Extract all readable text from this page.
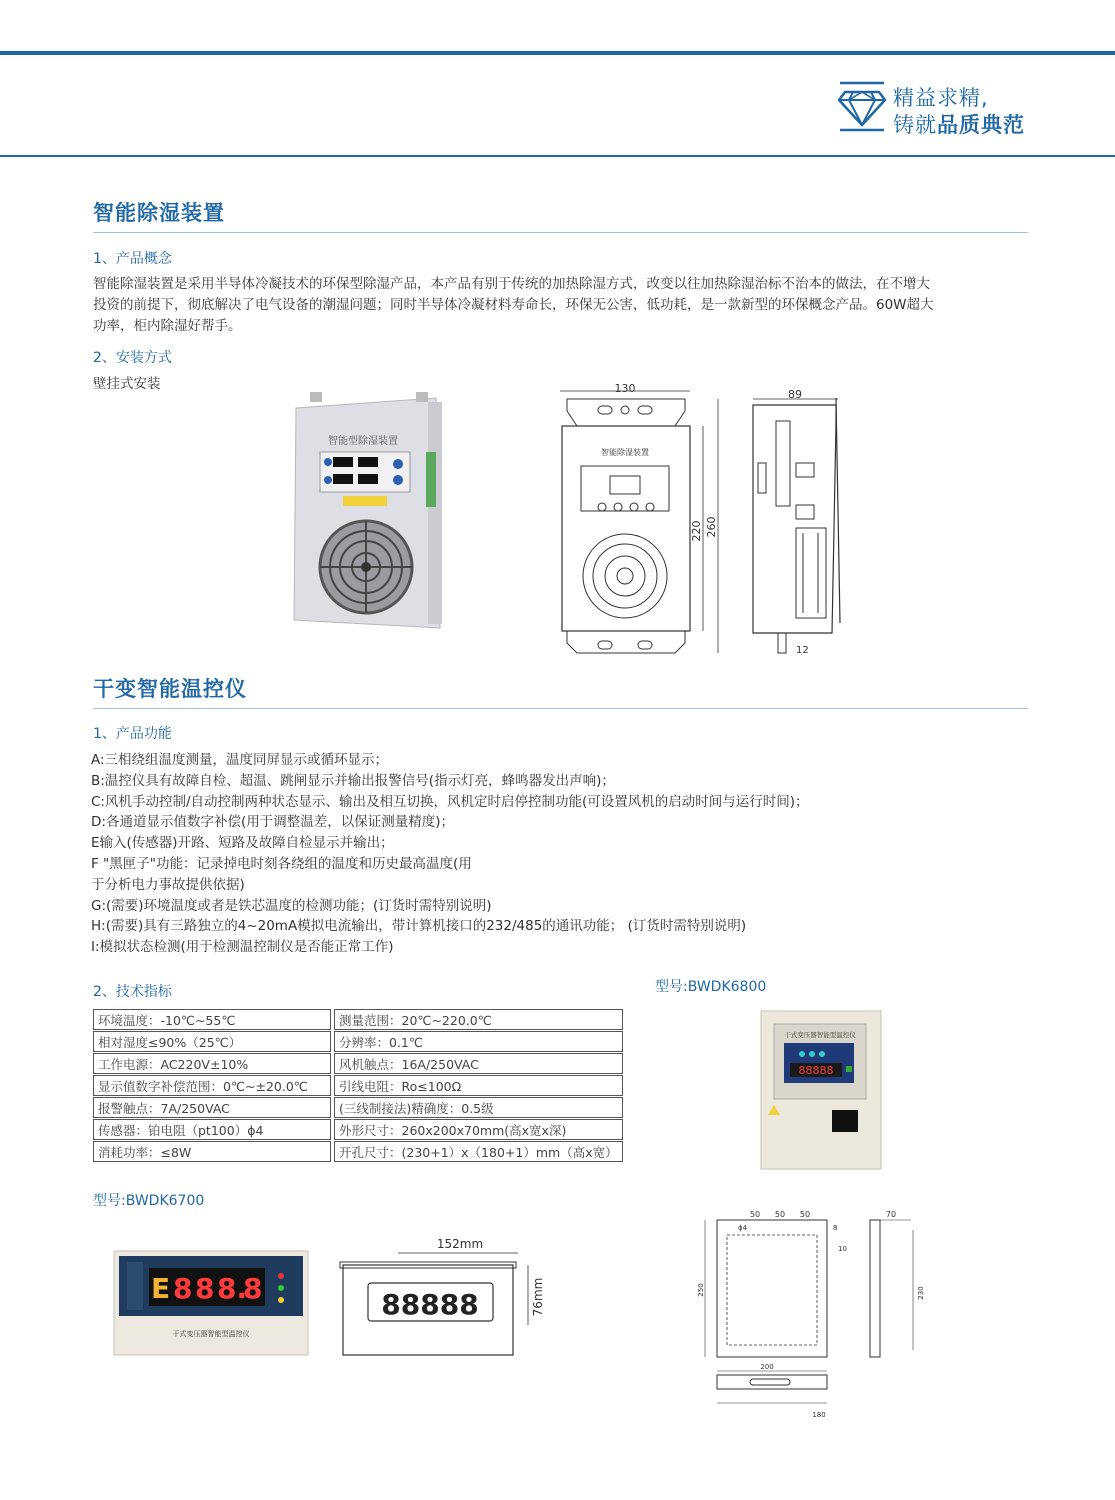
精益求精,
铸就品质典范
智能除湿装置
1、产品概念
智能除湿装置是采用半导体冷凝技术的环保型除湿产品，本产品有别于传统的加热除湿方式，改变以往加热除湿治标不治本的做法，在不增大
投资的前提下，彻底解决了电气设备的潮湿问题；同时半导体冷凝材料寿命长，环保无公害，低功耗，是一款新型的环保概念产品。60W超大
功率，柜内除湿好帮手。
2、安装方式
壁挂式安装
智能型除湿装置
130
智能除湿装置
220 260
89
12
干变智能温控仪
1、产品功能
A:三相绕组温度测量，温度同屏显示或循环显示；
B:温控仪具有故障自检、超温、跳闸显示并输出报警信号(指示灯亮，蜂鸣器发出声响)；
C:风机手动控制/自动控制两种状态显示、输出及相互切换，风机定时启停控制功能(可设置风机的启动时间与运行时间)；
D:各通道显示值数字补偿(用于调整温差，以保证测量精度)；
E输入(传感器)开路、短路及故障自检显示并输出；
F "黑匣子"功能：记录掉电时刻各绕组的温度和历史最高温度(用
于分析电力事故提供依据)
G:(需要)环境温度或者是铁芯温度的检测功能；(订货时需特别说明)
H:(需要)具有三路独立的4~20mA模拟电流输出，带计算机接口的232/485的通讯功能； (订货时需特别说明)
I:模拟状态检测(用于检测温控制仪是否能正常工作)
2、技术指标
环境温度：-10℃~55℃	测量范围：20℃~220.0℃
相对湿度≤90%（25℃）	分辨率：0.1℃
工作电源：AC220V±10%	风机触点：16A/250VAC
显示值数字补偿范围：0℃~±20.0℃	引线电阻：Ro≤100Ω
报警触点：7A/250VAC	(三线制接法)精确度：0.5级
传感器：铂电阻（pt100）ϕ4	外形尺寸：260x200x70mm(高x宽x深)
消耗功率：≤8W	开孔尺寸：(230+1）x（180+1）mm（高x宽）
型号:BWDK6800
型号:BWDK6700
干式变压器智能型温控仪
88888
50 50 50
ϕ4	8
10
250
200
180
70
230
E 8 8 8.
8
干式变压器智能型温控仪
152mm
88888	76mm
